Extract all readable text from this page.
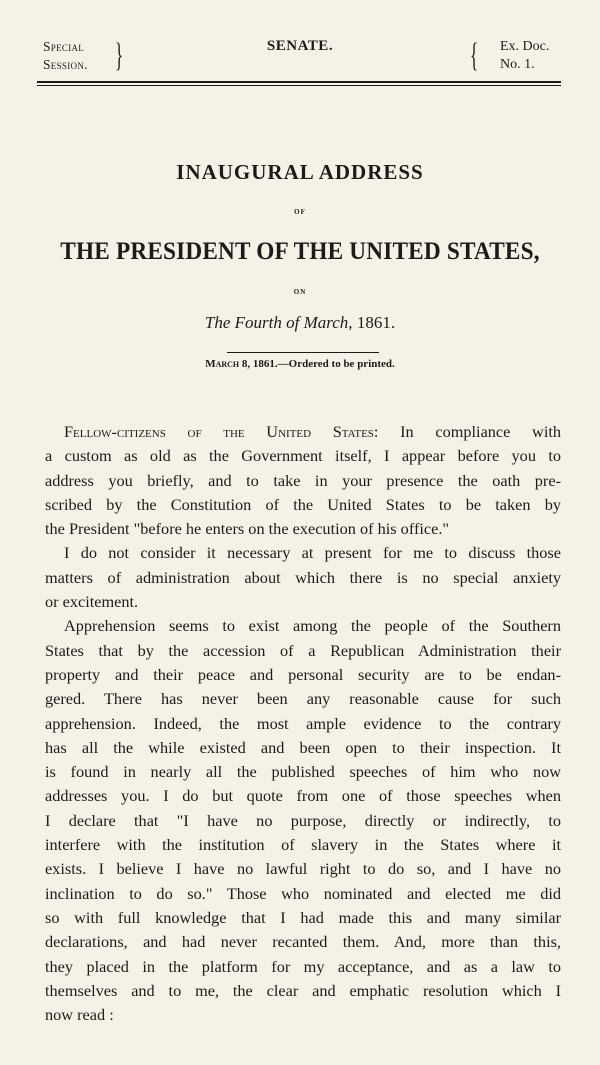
Special
Session. }	SENATE.	{ Ex. Doc.
No. 1.
INAUGURAL ADDRESS
OF
THE PRESIDENT OF THE UNITED STATES,
ON
The Fourth of March, 1861.
March 8, 1861.—Ordered to be printed.
Fellow-citizens of the United States: In compliance with
a custom as old as the Government itself, I appear before you to
address you briefly, and to take in your presence the oath pre-
scribed by the Constitution of the United States to be taken by
the President "before he enters on the execution of his office."
I do not consider it necessary at present for me to discuss those
matters of administration about which there is no special anxiety
or excitement.
Apprehension seems to exist among the people of the Southern
States that by the accession of a Republican Administration their
property and their peace and personal security are to be endan-
gered. There has never been any reasonable cause for such
apprehension. Indeed, the most ample evidence to the contrary
has all the while existed and been open to their inspection. It
is found in nearly all the published speeches of him who now
addresses you. I do but quote from one of those speeches when
I declare that "I have no purpose, directly or indirectly, to
interfere with the institution of slavery in the States where it
exists. I believe I have no lawful right to do so, and I have no
inclination to do so." Those who nominated and elected me did
so with full knowledge that I had made this and many similar
declarations, and had never recanted them. And, more than this,
they placed in the platform for my acceptance, and as a law to
themselves and to me, the clear and emphatic resolution which I
now read :
